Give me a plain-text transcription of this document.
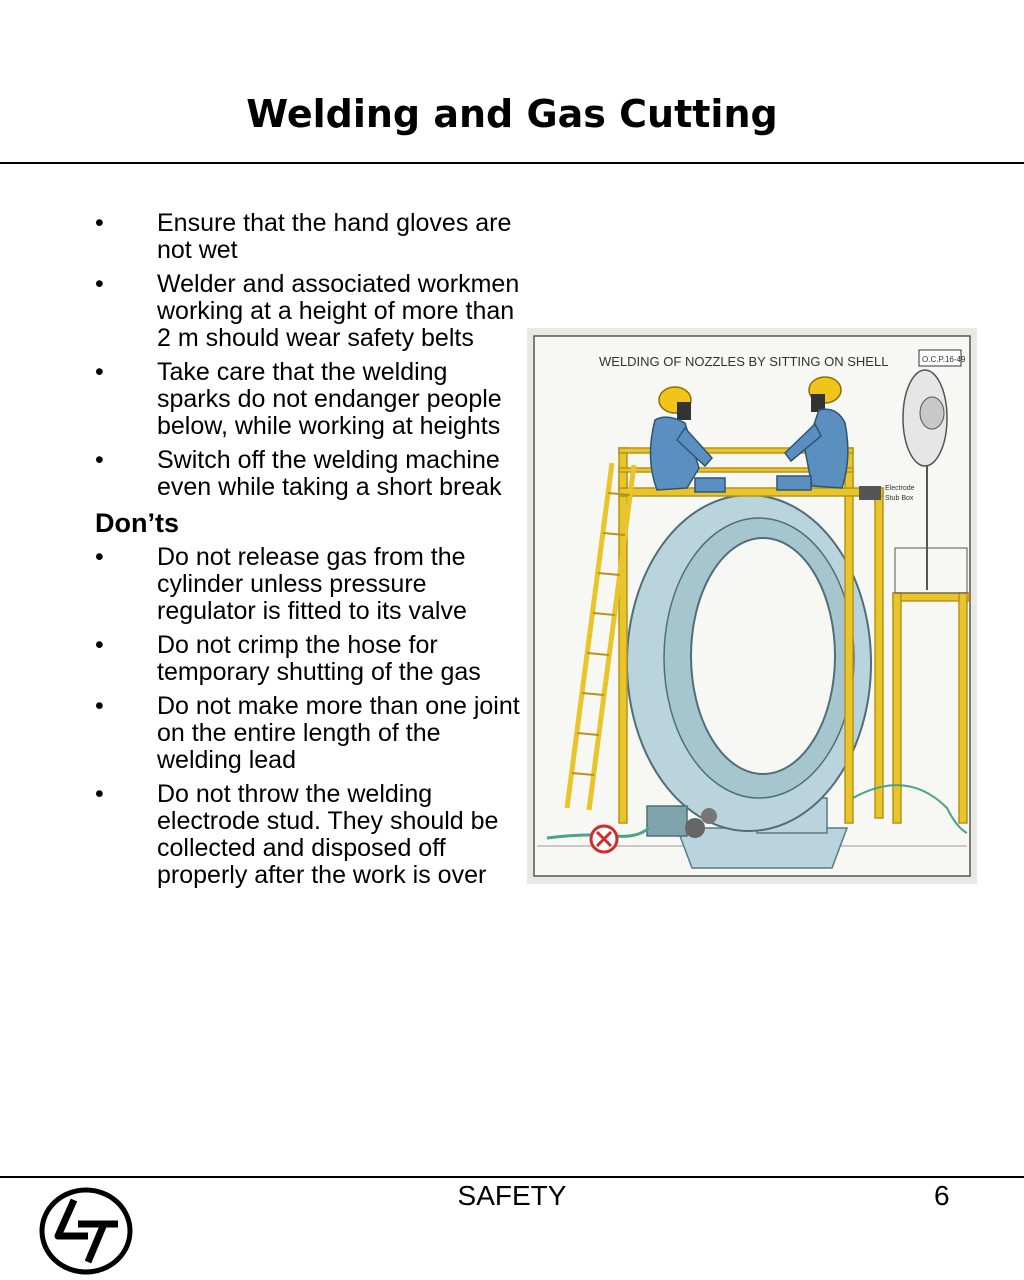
Welding and Gas Cutting
• Ensure that the hand gloves are not wet
• Welder and associated workmen working at a height of more than 2 m should wear safety belts
• Take care that the welding sparks do not endanger people below, while working at heights
• Switch off the welding machine even while taking a short break
Don’ts
• Do not release gas from the cylinder unless pressure regulator is fitted to its valve
• Do not crimp the hose for temporary shutting of the gas
• Do not make more than one joint on the entire length of the welding lead
• Do not throw the welding electrode stud. They should be collected and disposed off properly after the work is over
WELDING OF NOZZLES BY SITTING ON SHELL	O.C.P.16-49
Electrode
Stub Box
SAFETY	6
